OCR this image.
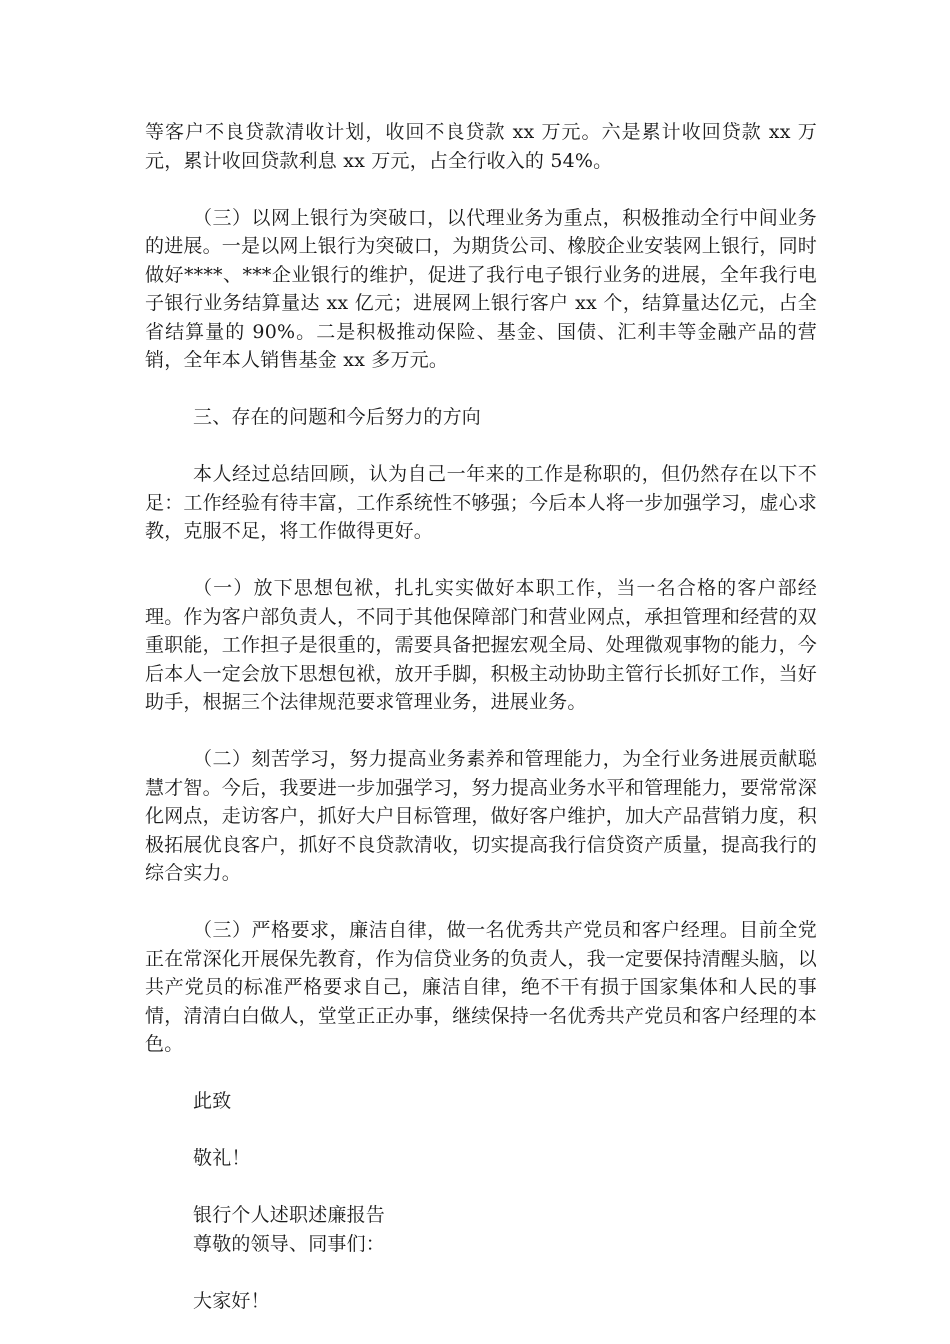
等客户不良贷款清收计划，收回不良贷款 xx 万元。六是累计收回贷款 xx 万元，累计收回贷款利息 xx 万元，占全行收入的 54%。

（三）以网上银行为突破口，以代理业务为重点，积极推动全行中间业务的进展。一是以网上银行为突破口，为期货公司、橡胶企业安装网上银行，同时做好****、***企业银行的维护，促进了我行电子银行业务的进展，全年我行电子银行业务结算量达 xx 亿元；进展网上银行客户 xx 个，结算量达亿元，占全省结算量的 90%。二是积极推动保险、基金、国债、汇利丰等金融产品的营销，全年本人销售基金 xx 多万元。

三、存在的问题和今后努力的方向

本人经过总结回顾，认为自己一年来的工作是称职的，但仍然存在以下不足：工作经验有待丰富，工作系统性不够强；今后本人将一步加强学习，虚心求教，克服不足，将工作做得更好。

（一）放下思想包袱，扎扎实实做好本职工作，当一名合格的客户部经理。作为客户部负责人，不同于其他保障部门和营业网点，承担管理和经营的双重职能，工作担子是很重的，需要具备把握宏观全局、处理微观事物的能力，今后本人一定会放下思想包袱，放开手脚，积极主动协助主管行长抓好工作，当好助手，根据三个法律规范要求管理业务，进展业务。

（二）刻苦学习，努力提高业务素养和管理能力，为全行业务进展贡献聪慧才智。今后，我要进一步加强学习，努力提高业务水平和管理能力，要常常深化网点，走访客户，抓好大户目标管理，做好客户维护，加大产品营销力度，积极拓展优良客户，抓好不良贷款清收，切实提高我行信贷资产质量，提高我行的综合实力。

（三）严格要求，廉洁自律，做一名优秀共产党员和客户经理。目前全党正在常深化开展保先教育，作为信贷业务的负责人，我一定要保持清醒头脑，以共产党员的标准严格要求自己，廉洁自律，绝不干有损于国家集体和人民的事情，清清白白做人，堂堂正正办事，继续保持一名优秀共产党员和客户经理的本色。

此致

敬礼！

银行个人述职述廉报告

尊敬的领导、同事们：

大家好！
